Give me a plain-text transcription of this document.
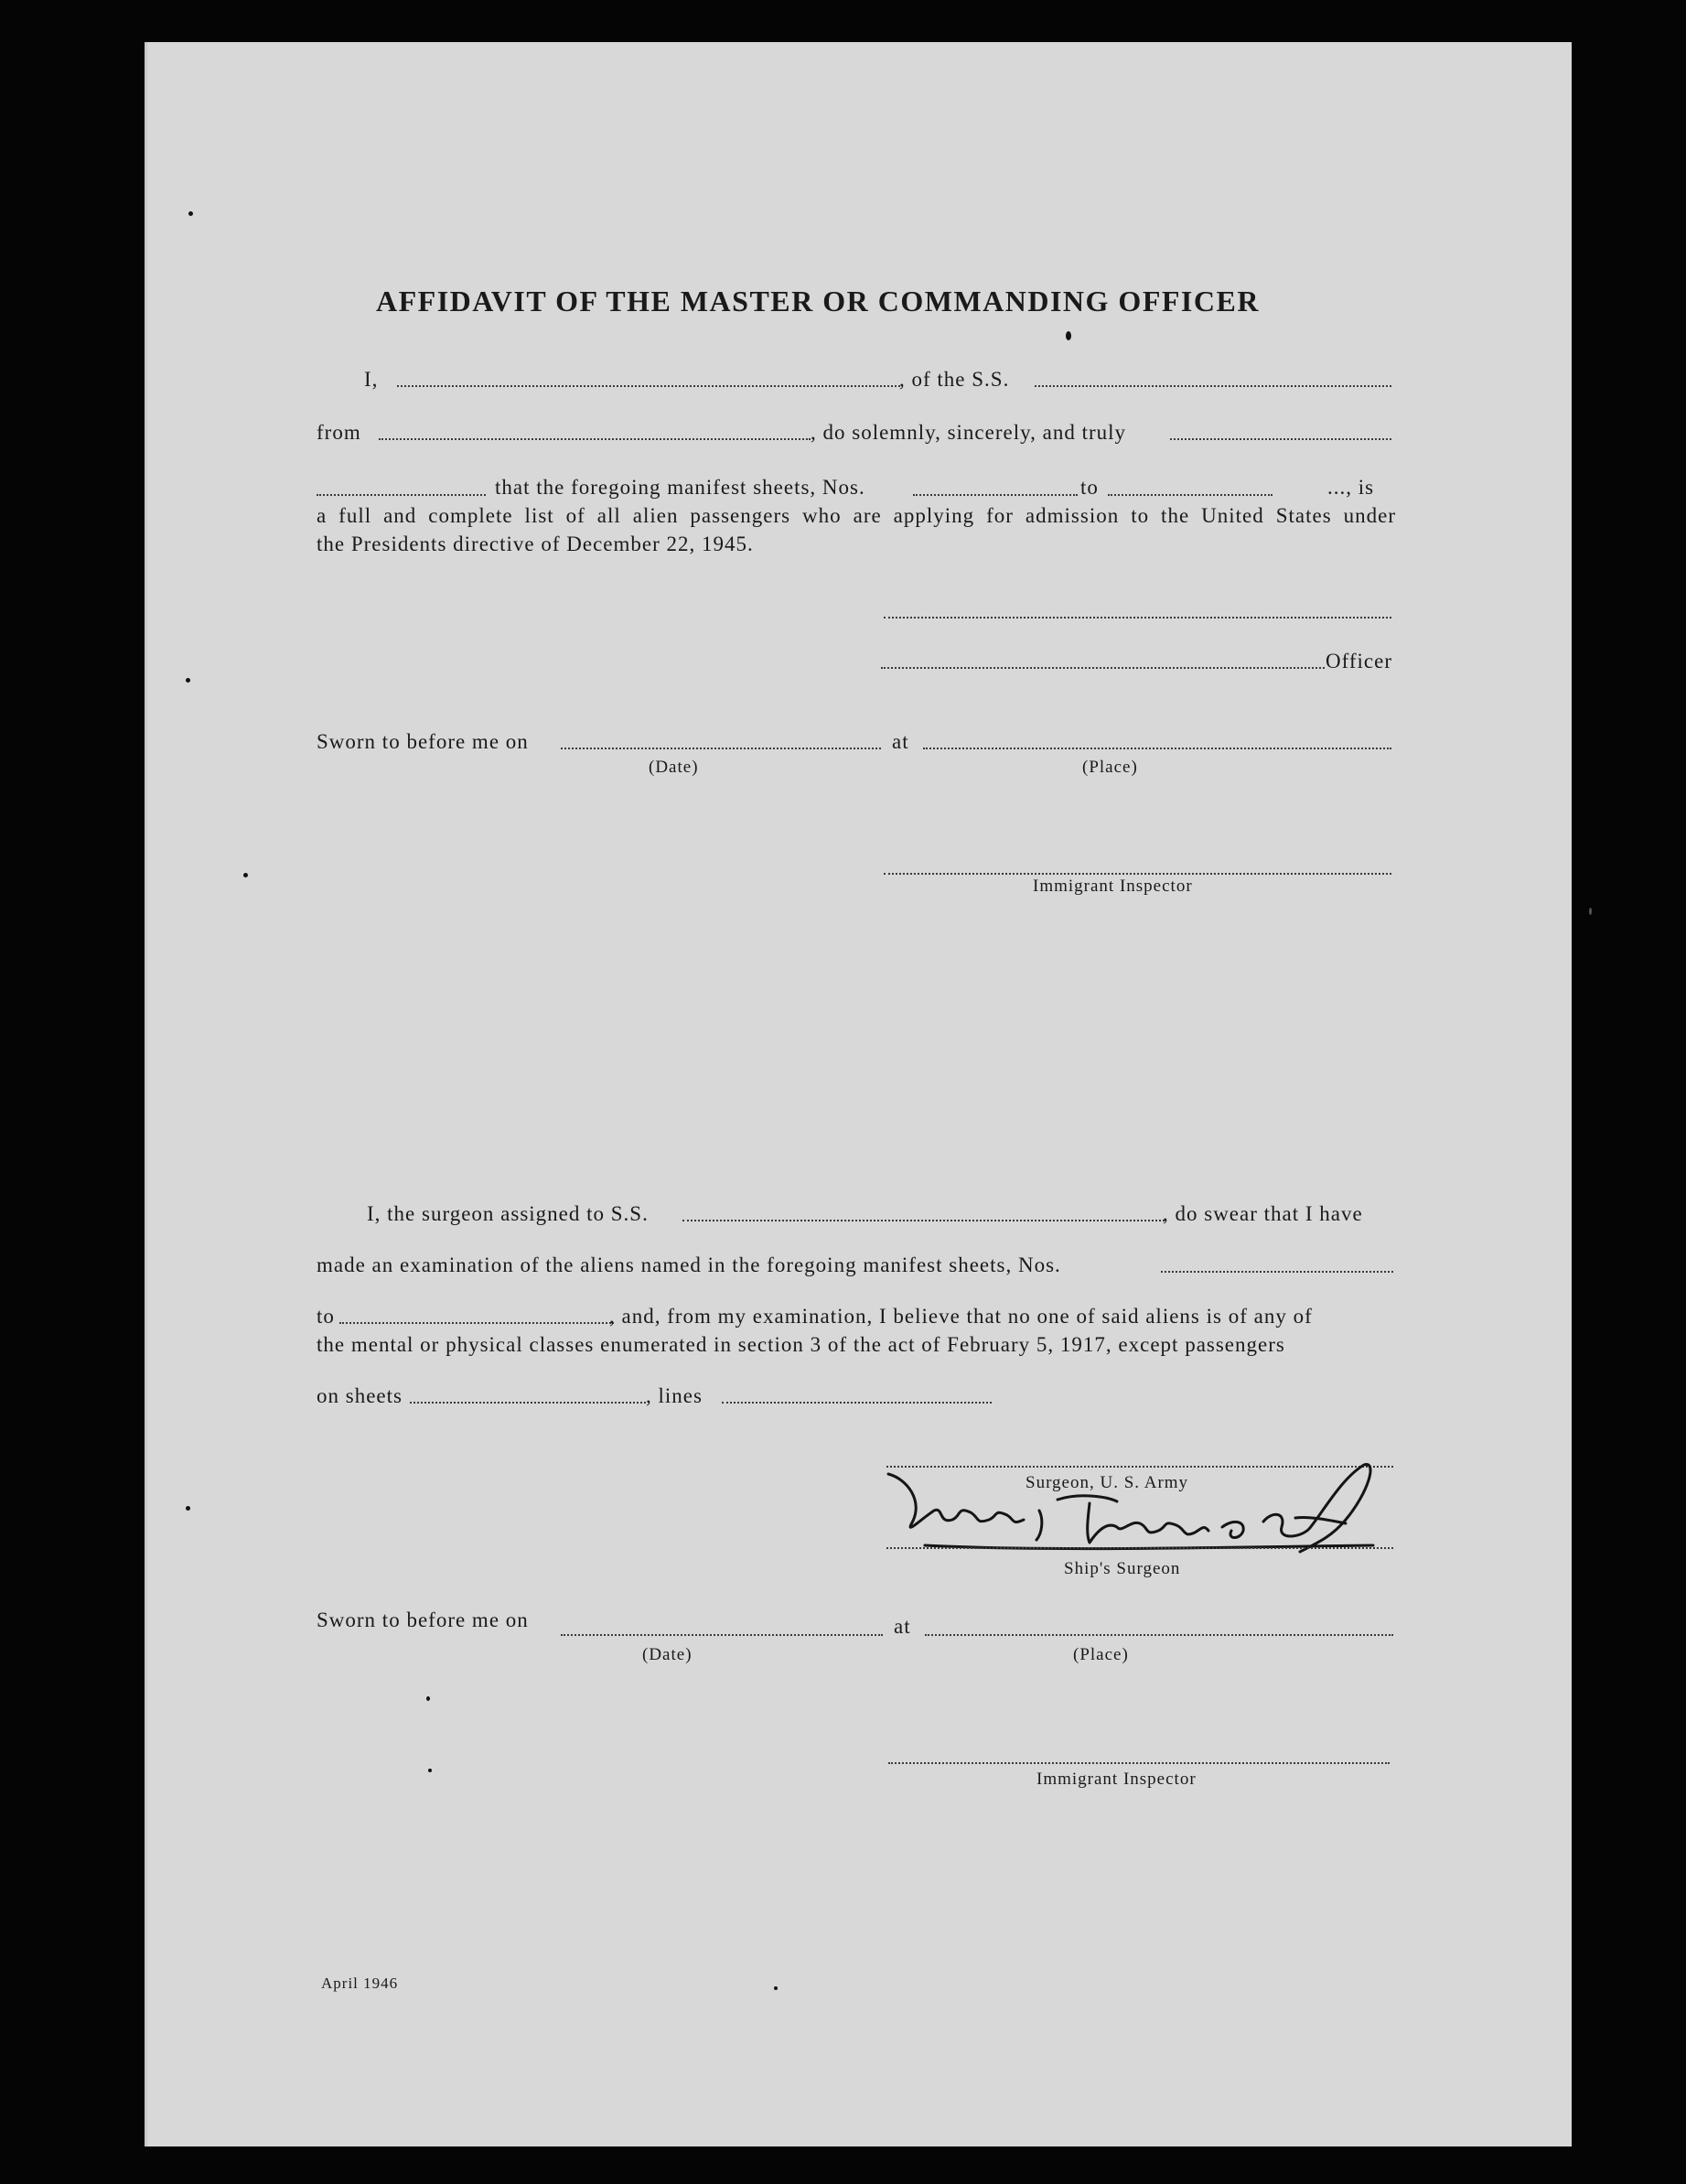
AFFIDAVIT OF THE MASTER OR COMMANDING OFFICER
I,	, of the S.S.
from	, do solemnly, sincerely, and truly
that the foregoing manifest sheets, Nos.	to	..., is
a full and complete list of all alien passengers who are applying for admission to the United States under
the Presidents directive of December 22, 1945.
Officer
Sworn to before me on	at
(Date)	(Place)
Immigrant Inspector
I, the surgeon assigned to S.S.	, do swear that I have
made an examination of the aliens named in the foregoing manifest sheets, Nos.
to	, and, from my examination, I believe that no one of said aliens is of any of
the mental or physical classes enumerated in section 3 of the act of February 5, 1917, except passengers
on sheets	, lines
Surgeon, U. S. Army
Ship's Surgeon
Sworn to before me on	at
(Date)	(Place)
Immigrant Inspector
April 1946
